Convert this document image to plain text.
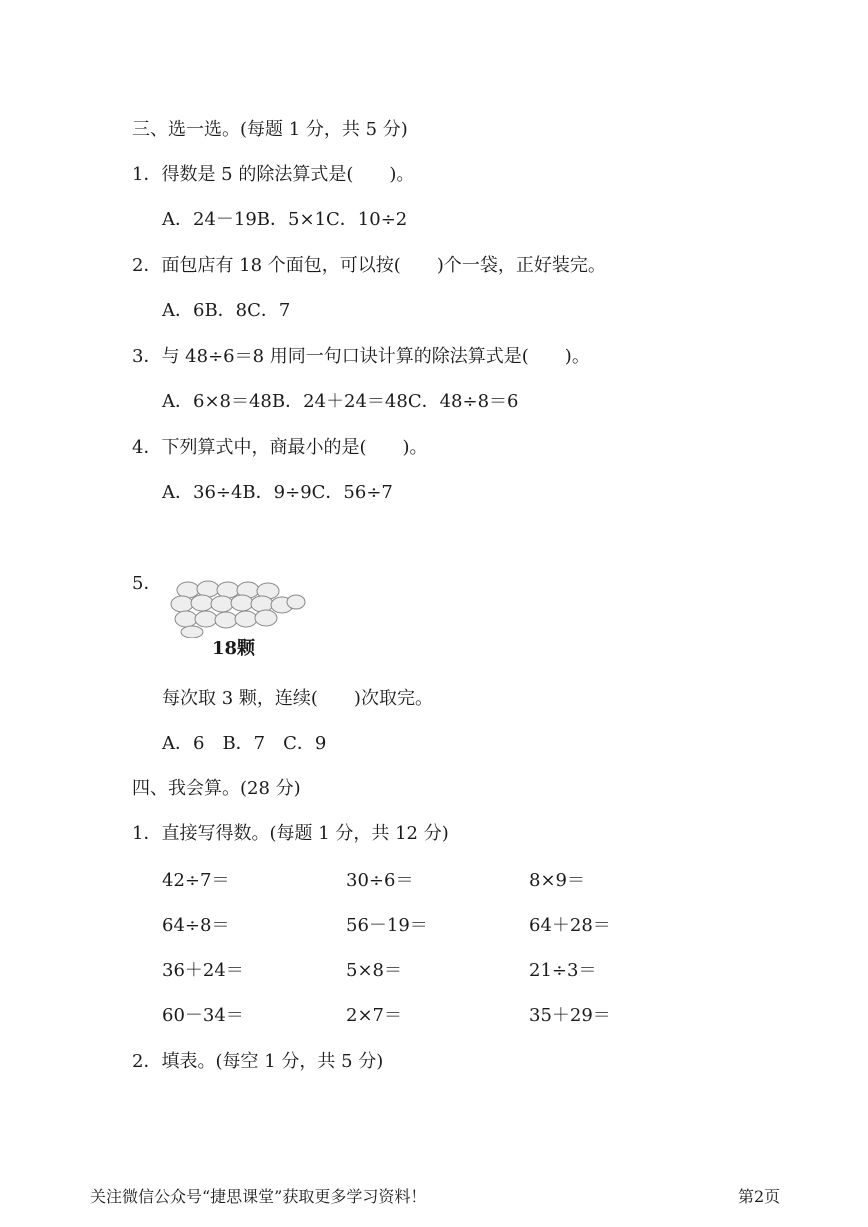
三、选一选。(每题 1 分，共 5 分)
1．得数是 5 的除法算式是(　　)。
A．24－19B．5×1C．10÷2
2．面包店有 18 个面包，可以按(　　)个一袋，正好装完。
A．6B．8C．7
3．与 48÷6＝8 用同一句口诀计算的除法算式是(　　)。
A．6×8＝48B．24＋24＝48C．48÷8＝6
4．下列算式中，商最小的是(　　)。
A．36÷4B．9÷9C．56÷7
5．
18颗
每次取 3 颗，连续(　　)次取完。
A．6　B．7　C．9
四、我会算。(28 分)
1．直接写得数。(每题 1 分，共 12 分)
42÷7＝	30÷6＝	8×9＝
64÷8＝	56－19＝	64＋28＝
36＋24＝	5×8＝	21÷3＝
60－34＝	2×7＝	35＋29＝
2．填表。(每空 1 分，共 5 分)
关注微信公众号“捷思课堂”获取更多学习资料！	第2页
